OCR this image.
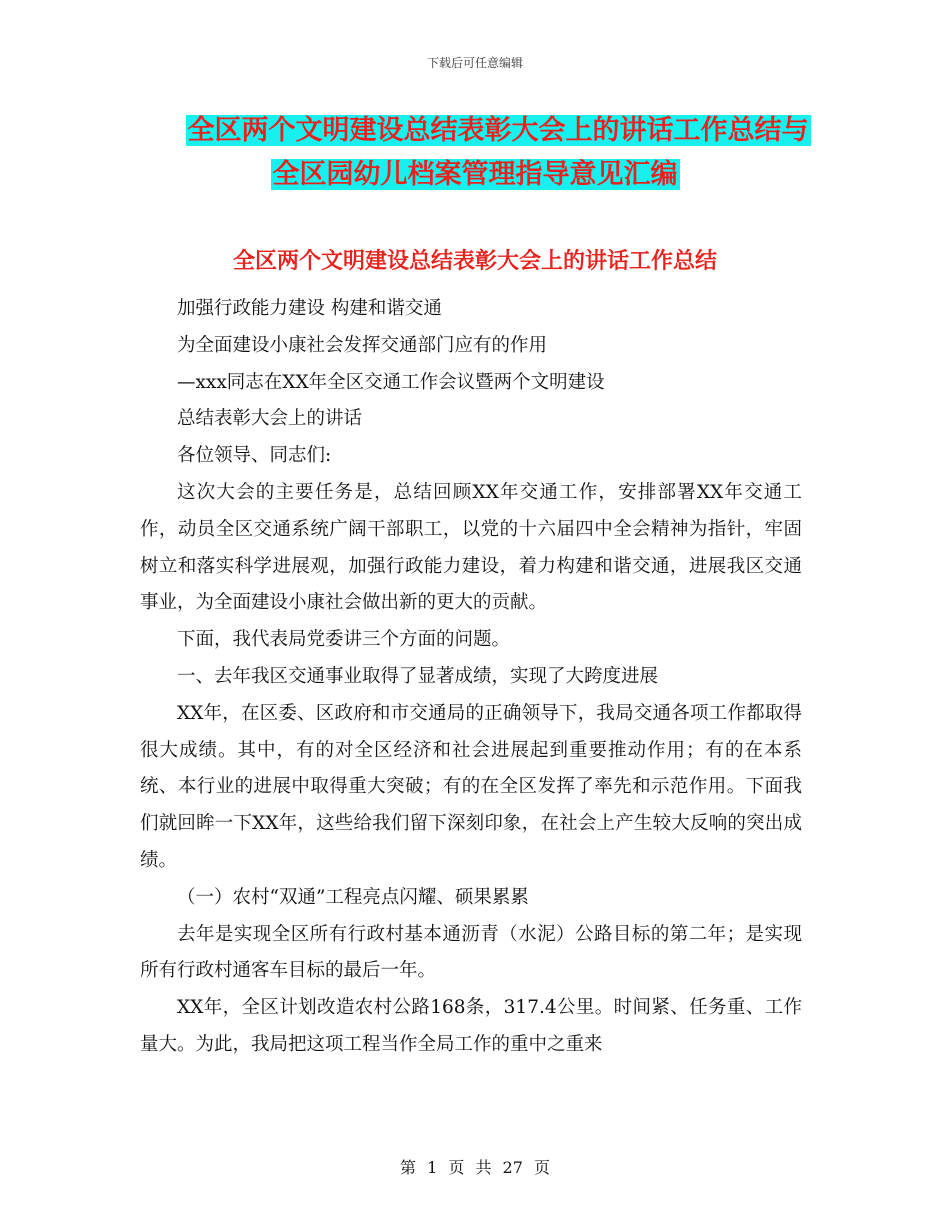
下载后可任意编辑
全区两个文明建设总结表彰大会上的讲话工作总结与
全区园幼儿档案管理指导意见汇编
全区两个文明建设总结表彰大会上的讲话工作总结

加强行政能力建设 构建和谐交通

为全面建设小康社会发挥交通部门应有的作用

—xxx同志在XX年全区交通工作会议暨两个文明建设

总结表彰大会上的讲话

各位领导、同志们:

这次大会的主要任务是，总结回顾XX年交通工作，安排部署XX年交通工作，动员全区交通系统广阔干部职工，以党的十六届四中全会精神为指针，牢固树立和落实科学进展观，加强行政能力建设，着力构建和谐交通，进展我区交通事业，为全面建设小康社会做出新的更大的贡献。

下面，我代表局党委讲三个方面的问题。

一、去年我区交通事业取得了显著成绩，实现了大跨度进展

XX年，在区委、区政府和市交通局的正确领导下，我局交通各项工作都取得很大成绩。其中，有的对全区经济和社会进展起到重要推动作用；有的在本系统、本行业的进展中取得重大突破；有的在全区发挥了率先和示范作用。下面我们就回眸一下XX年，这些给我们留下深刻印象，在社会上产生较大反响的突出成绩。

（一）农村“双通”工程亮点闪耀、硕果累累

去年是实现全区所有行政村基本通沥青（水泥）公路目标的第二年；是实现所有行政村通客车目标的最后一年。

XX年，全区计划改造农村公路168条，317.4公里。时间紧、任务重、工作量大。为此，我局把这项工程当作全局工作的重中之重来

第 1 页 共 27 页
